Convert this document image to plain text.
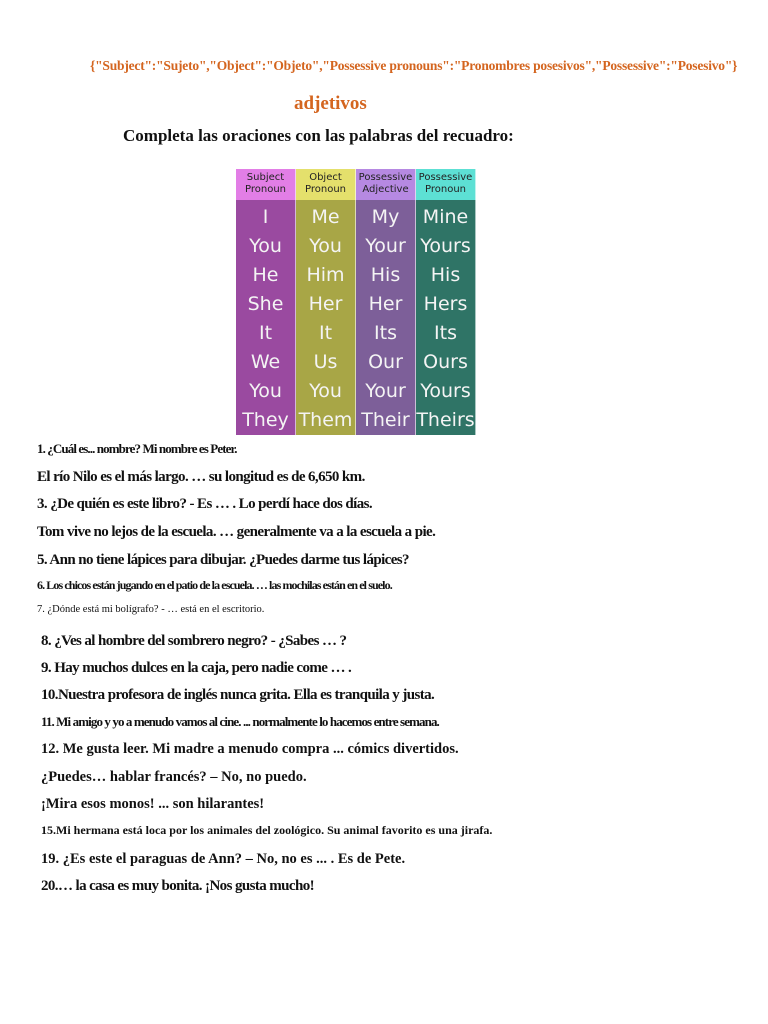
{"Subject":"Sujeto","Object":"Objeto","Possessive pronouns":"Pronombres posesivos","Possessive":"Posesivo"}
adjetivos
Completa las oraciones con las palabras del recuadro:
Subject Pronoun
I
You
He
She
It
We
You
They
Object Pronoun
Me
You
Him
Her
It
Us
You
Them
Possessive Adjective
My
Your
His
Her
Its
Our
Your
Their
Possessive Pronoun
Mine
Yours
His
Hers
Its
Ours
Yours
Theirs
1. ¿Cuál es... nombre? Mi nombre es Peter.
El río Nilo es el más largo. … su longitud es de 6,650 km.
3. ¿De quién es este libro? - Es … . Lo perdí hace dos días.
Tom vive no lejos de la escuela. … generalmente va a la escuela a pie.
5. Ann no tiene lápices para dibujar. ¿Puedes darme tus lápices?
6. Los chicos están jugando en el patio de la escuela. … las mochilas están en el suelo.
7. ¿Dónde está mi bolígrafo? - … está en el escritorio.
8. ¿Ves al hombre del sombrero negro? - ¿Sabes … ?
9. Hay muchos dulces en la caja, pero nadie come … .
10.Nuestra profesora de inglés nunca grita. Ella es tranquila y justa.
11. Mi amigo y yo a menudo vamos al cine. ... normalmente lo hacemos entre semana.
12. Me gusta leer. Mi madre a menudo compra ... cómics divertidos.
¿Puedes… hablar francés? – No, no puedo.
¡Mira esos monos! ... son hilarantes!
15.Mi hermana está loca por los animales del zoológico. Su animal favorito es una jirafa.
19. ¿Es este el paraguas de Ann? – No, no es ... . Es de Pete.
20.… la casa es muy bonita. ¡Nos gusta mucho!
